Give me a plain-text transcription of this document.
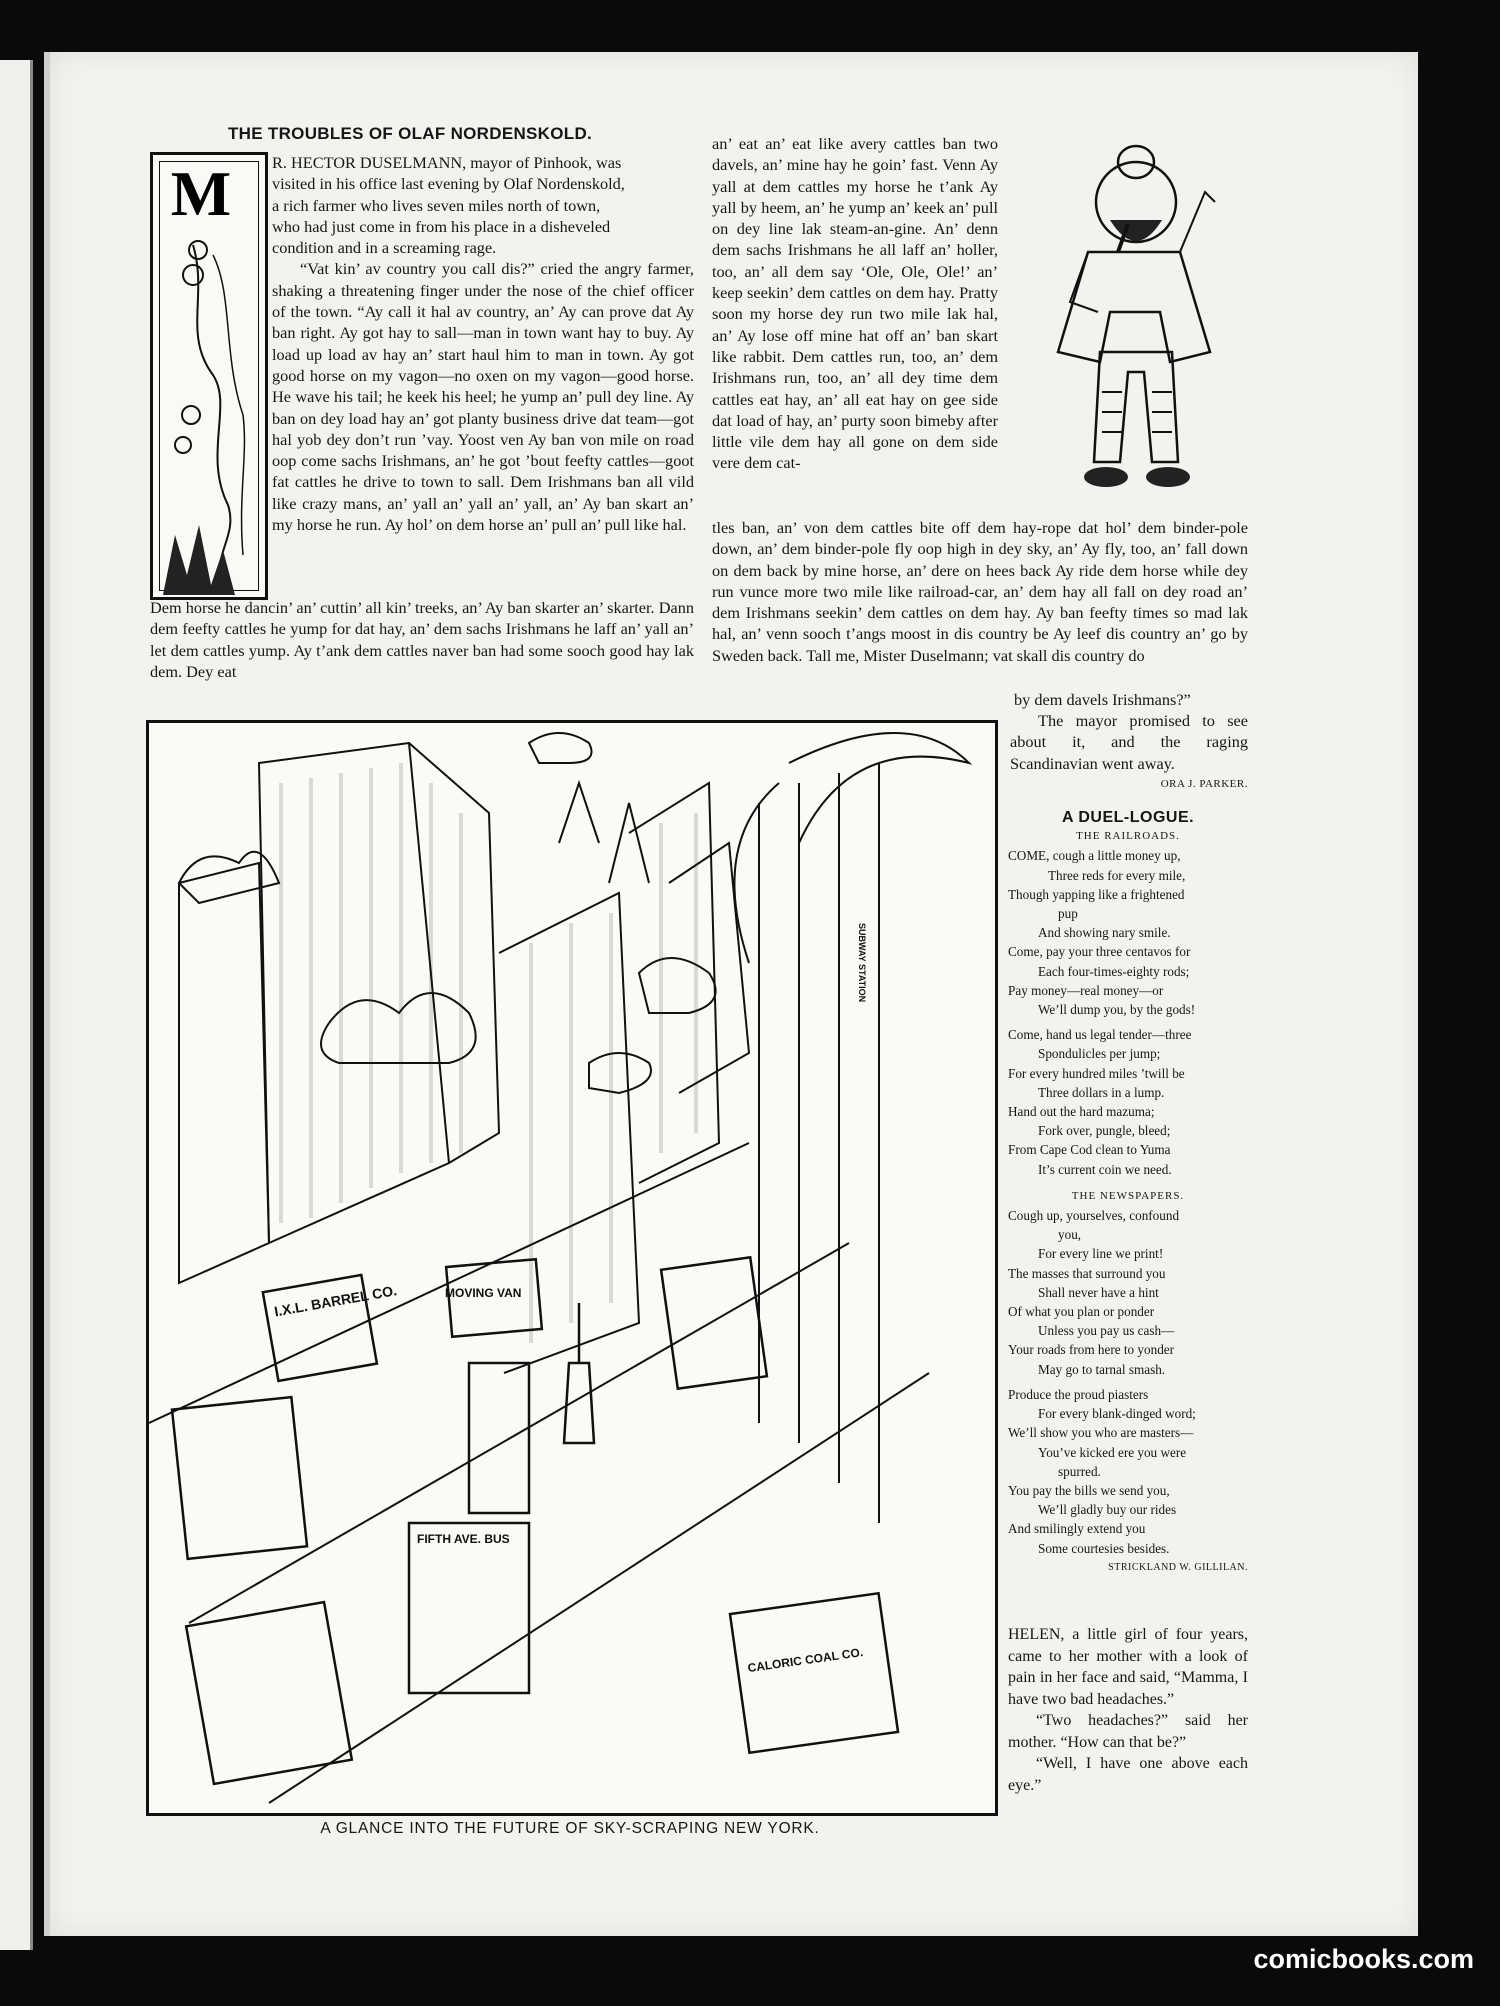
THE TROUBLES OF OLAF NORDENSKOLD.
M	R. HECTOR DUSELMANN, mayor of Pinhook, was

visited in his office last evening by Olaf Nordenskold,

a rich farmer who lives seven miles north of town,

who had just come in from his place in a disheveled

condition and in a screaming rage.

“Vat kin’ av country you call dis?” cried the angry farmer, shaking a threatening finger under the nose of the chief officer of the town. “Ay call it hal av country, an’ Ay can prove dat Ay ban right. Ay got hay to sall—man in town want hay to buy. Ay load up load av hay an’ start haul him to man in town. Ay got good horse on my vagon—no oxen on my vagon—good horse. He wave his tail; he keek his heel; he yump an’ pull dey line. Ay ban on dey load hay an’ got planty business drive dat team—got hal yob dey don’t run ’vay. Yoost ven Ay ban von mile on road oop come sachs Irishmans, an’ he got ’bout feefty cattles—goot fat cattles he drive to town to sall. Dem Irishmans ban all vild like crazy mans, an’ yall an’ yall an’ yall, an’ Ay ban skart an’ my horse he run. Ay hol’ on dem horse an’ pull an’ pull like hal.

Dem horse he dancin’ an’ cuttin’ all kin’ treeks, an’ Ay ban skarter an’ skarter. Dann dem feefty cattles he yump for dat hay, an’ dem sachs Irishmans he laff an’ yall an’ let dem cattles yump. Ay t’ank dem cattles naver ban had some sooch good hay lak dem. Dey eat
an’ eat an’ eat like avery cattles ban two davels, an’ mine hay he goin’ fast. Venn Ay yall at dem cattles my horse he t’ank Ay yall by heem, an’ he yump an’ keek an’ pull on dey line lak steam-an-gine. An’ denn dem sachs Irishmans he all laff an’ holler, too, an’ all dem say ‘Ole, Ole, Ole!’ an’ keep seekin’ dem cattles on dem hay. Pratty soon my horse dey run two mile lak hal, an’ Ay lose off mine hat off an’ ban skart like rabbit. Dem cattles run, too, an’ dem Irishmans run, too, an’ all dey time dem cattles eat hay, an’ all eat hay on gee side dat load of hay, an’ purty soon bimeby after little vile dem hay all gone on dem side vere dem cat-
tles ban, an’ von dem cattles bite off dem hay-rope dat hol’ dem binder-pole down, an’ dem binder-pole fly oop high in dey sky, an’ Ay fly, too, an’ fall down on dem back by mine horse, an’ dere on hees back Ay ride dem horse while dey run vunce more two mile like railroad-car, an’ dem hay all fall on dey road an’ dem Irishmans seekin’ dem cattles on dem hay. Ay ban feefty times so mad lak hal, an’ venn sooch t’angs moost in dis country be Ay leef dis country an’ go by Sweden back. Tall me, Mister Duselmann; vat skall dis country do
by dem davels Irishmans?”
The mayor promised to see about it, and the raging Scandinavian went away.
ORA J. PARKER.
I.X.L. BARREL CO.	MOVING VAN
FIFTH AVE. BUS
CALORIC COAL CO.
SUBWAY STATION
A GLANCE INTO THE FUTURE OF SKY-SCRAPING NEW YORK.
A DUEL-LOGUE.
THE RAILROADS.

COME, cough a little money up,

Three reds for every mile,

Though yapping like a frightened

pup

And showing nary smile.

Come, pay your three centavos for

Each four-times-eighty rods;

Pay money—real money—or

We’ll dump you, by the gods!

Come, hand us legal tender—three

Spondulicles per jump;

For every hundred miles ’twill be

Three dollars in a lump.

Hand out the hard mazuma;

Fork over, pungle, bleed;

From Cape Cod clean to Yuma

It’s current coin we need.

THE NEWSPAPERS.

Cough up, yourselves, confound

you,

For every line we print!

The masses that surround you

Shall never have a hint

Of what you plan or ponder

Unless you pay us cash—

Your roads from here to yonder

May go to tarnal smash.

Produce the proud piasters

For every blank-dinged word;

We’ll show you who are masters—

You’ve kicked ere you were

spurred.

You pay the bills we send you,

We’ll gladly buy our rides

And smilingly extend you

Some courtesies besides.

STRICKLAND W. GILLILAN.

HELEN, a little girl of four years, came to her mother with a look of pain in her face and said, “Mamma, I have two bad headaches.”

“Two headaches?” said her mother. “How can that be?”

“Well, I have one above each eye.”

comicbooks.com
